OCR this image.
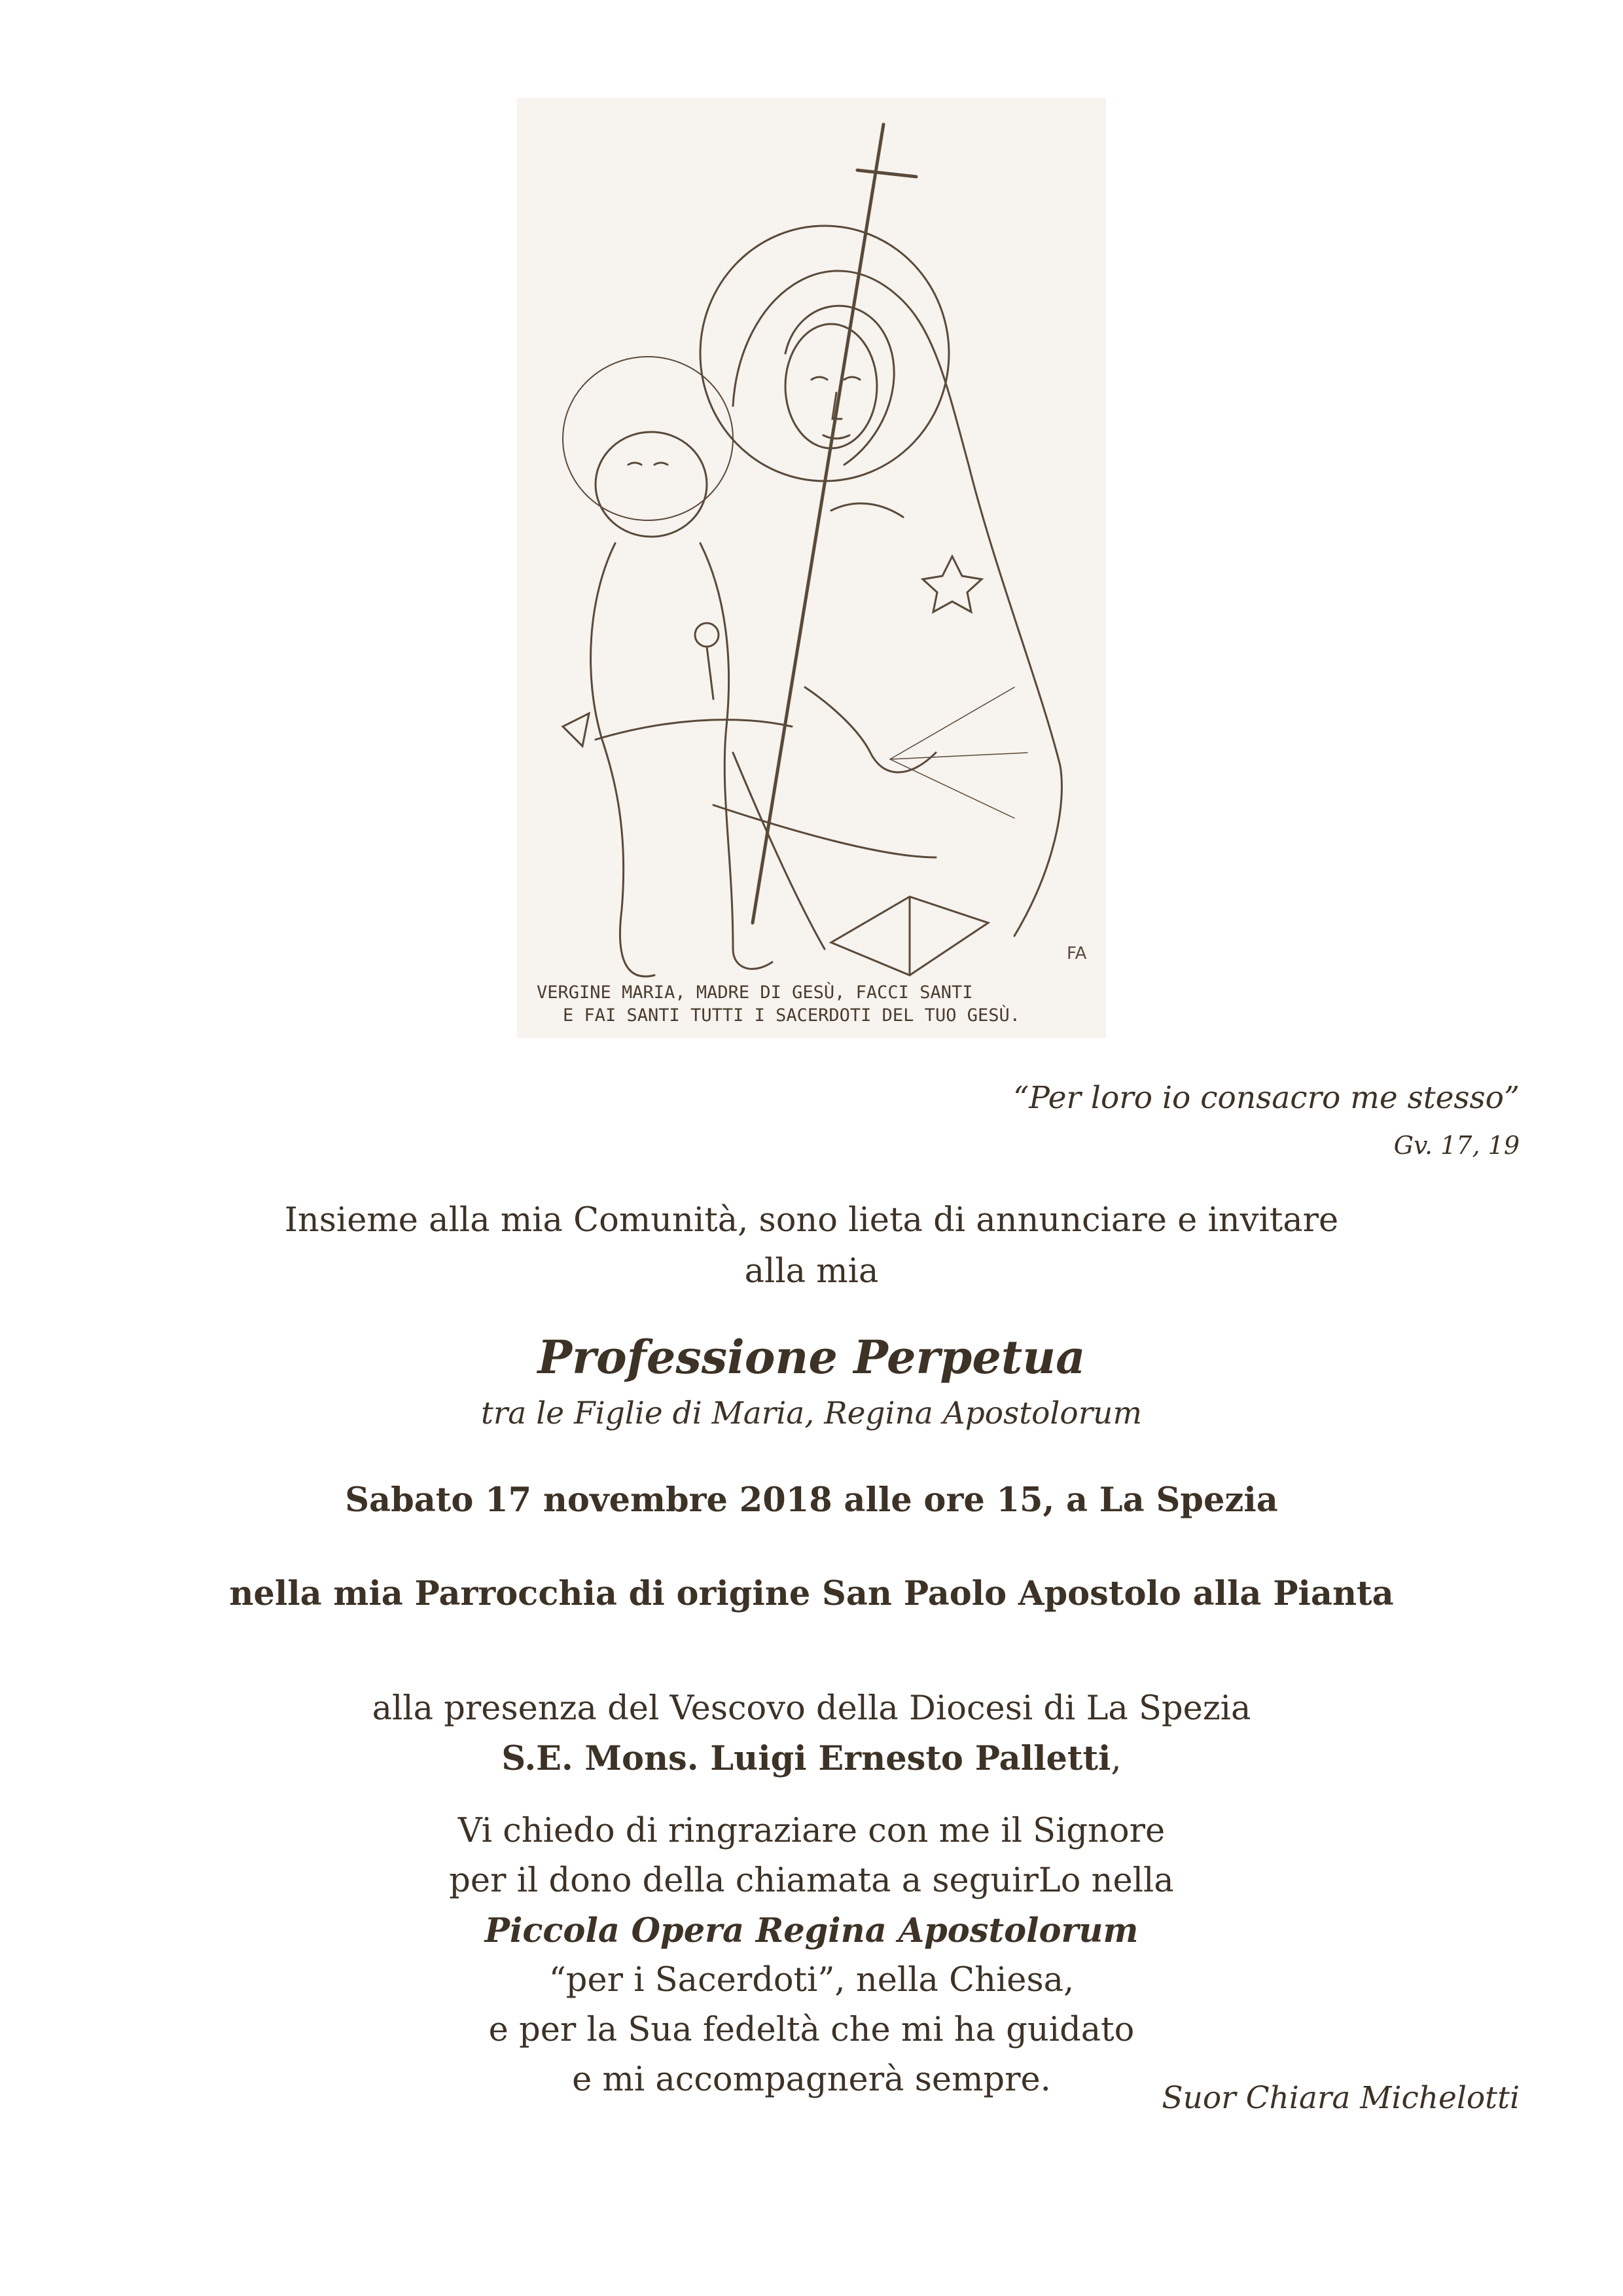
FA
VERGINE MARIA, MADRE DI GESÙ, FACCI SANTI
E FAI SANTI TUTTI I SACERDOTI DEL TUO GESÙ.
“Per loro io consacro me stesso”
Gv. 17, 19
Insieme alla mia Comunità, sono lieta di annunciare e invitare
alla mia
Professione Perpetua
tra le Figlie di Maria, Regina Apostolorum
Sabato 17 novembre 2018 alle ore 15, a La Spezia
nella mia Parrocchia di origine San Paolo Apostolo alla Pianta
alla presenza del Vescovo della Diocesi di La Spezia
S.E. Mons. Luigi Ernesto Palletti,
Vi chiedo di ringraziare con me il Signore
per il dono della chiamata a seguirLo nella
Piccola Opera Regina Apostolorum
“per i Sacerdoti”, nella Chiesa,
e per la Sua fedeltà che mi ha guidato
e mi accompagnerà sempre.	Suor Chiara Michelotti
